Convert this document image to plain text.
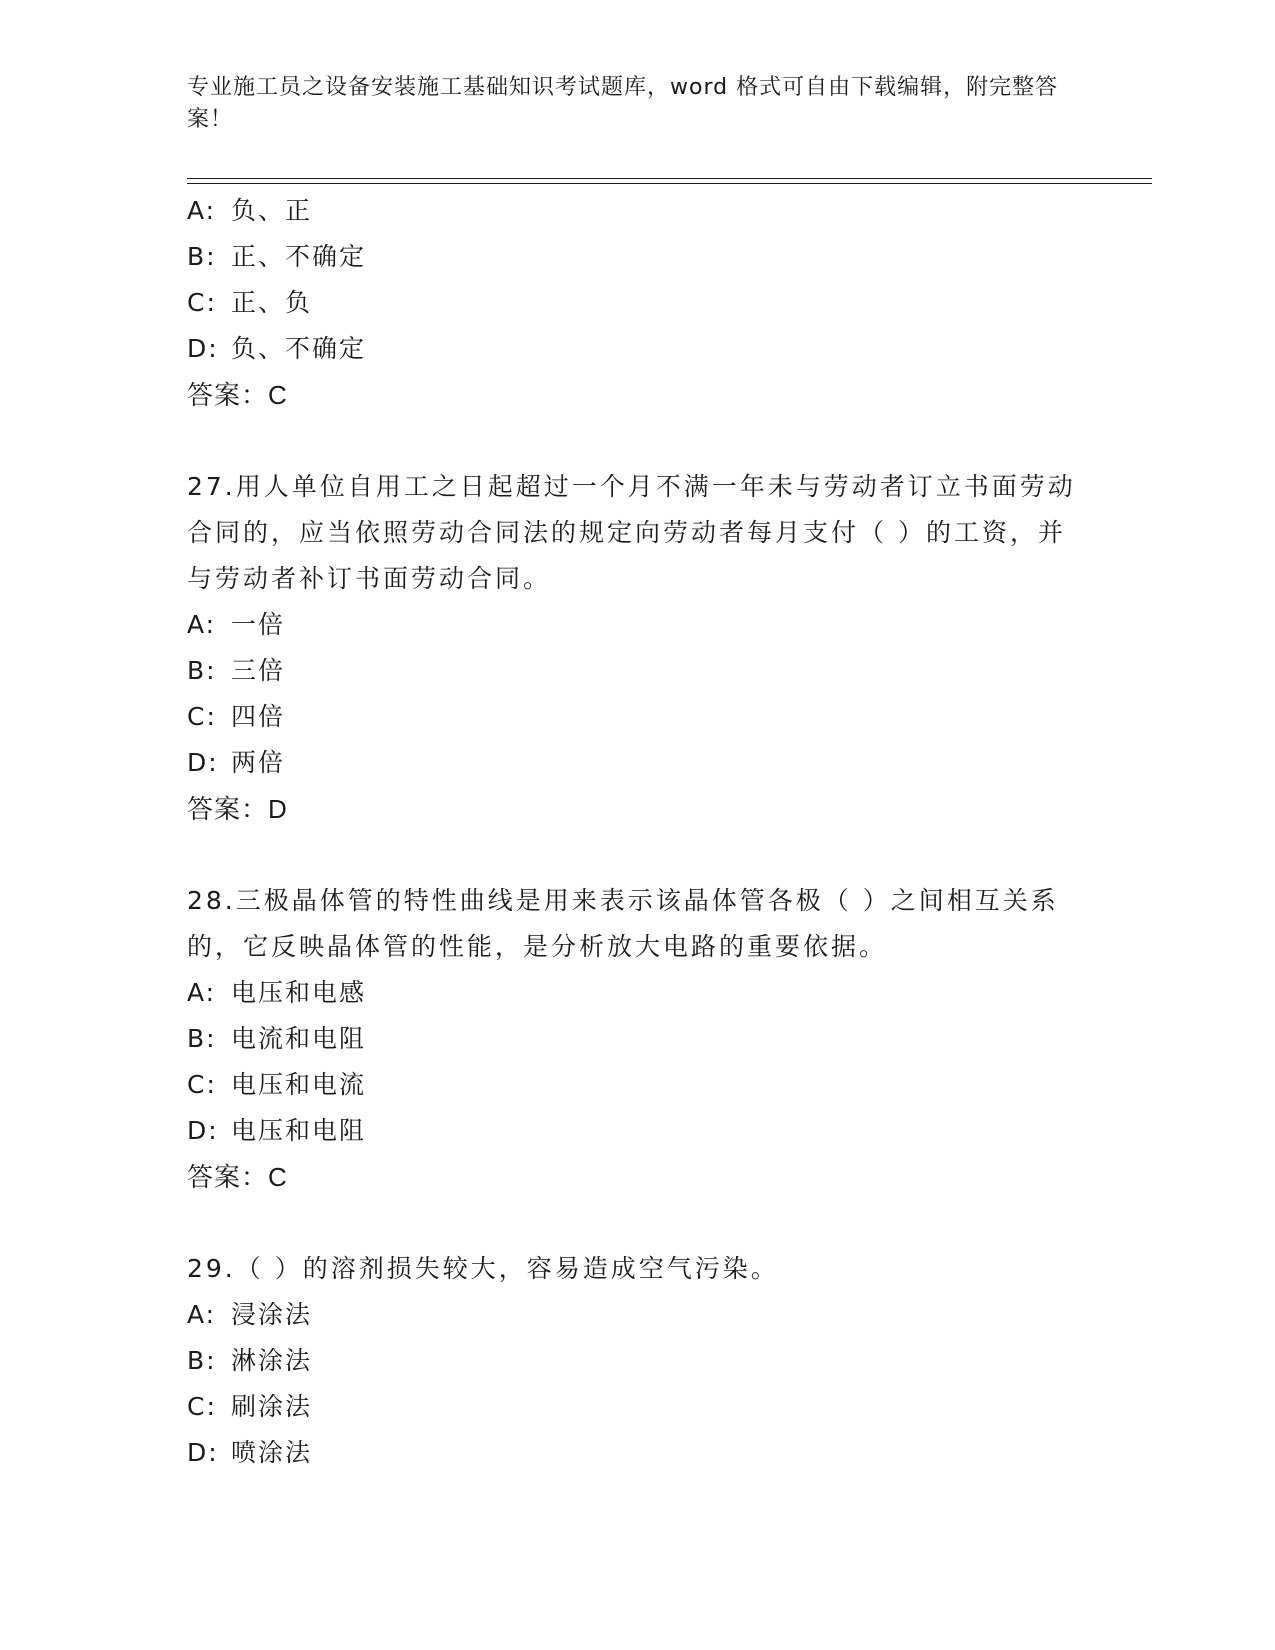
专业施工员之设备安装施工基础知识考试题库，word 格式可自由下载编辑，附完整答案！
A: 负、正
B: 正、不确定
C: 正、负
D: 负、不确定
答案：C
27.用人单位自用工之日起超过一个月不满一年未与劳动者订立书面劳动合同的，应当依照劳动合同法的规定向劳动者每月支付（ ）的工资，并与劳动者补订书面劳动合同。
A: 一倍
B: 三倍
C: 四倍
D: 两倍
答案：D
28.三极晶体管的特性曲线是用来表示该晶体管各极（ ）之间相互关系的，它反映晶体管的性能，是分析放大电路的重要依据。
A: 电压和电感
B: 电流和电阻
C: 电压和电流
D: 电压和电阻
答案：C
29.（ ）的溶剂损失较大，容易造成空气污染。
A: 浸涂法
B: 淋涂法
C: 刷涂法
D: 喷涂法
